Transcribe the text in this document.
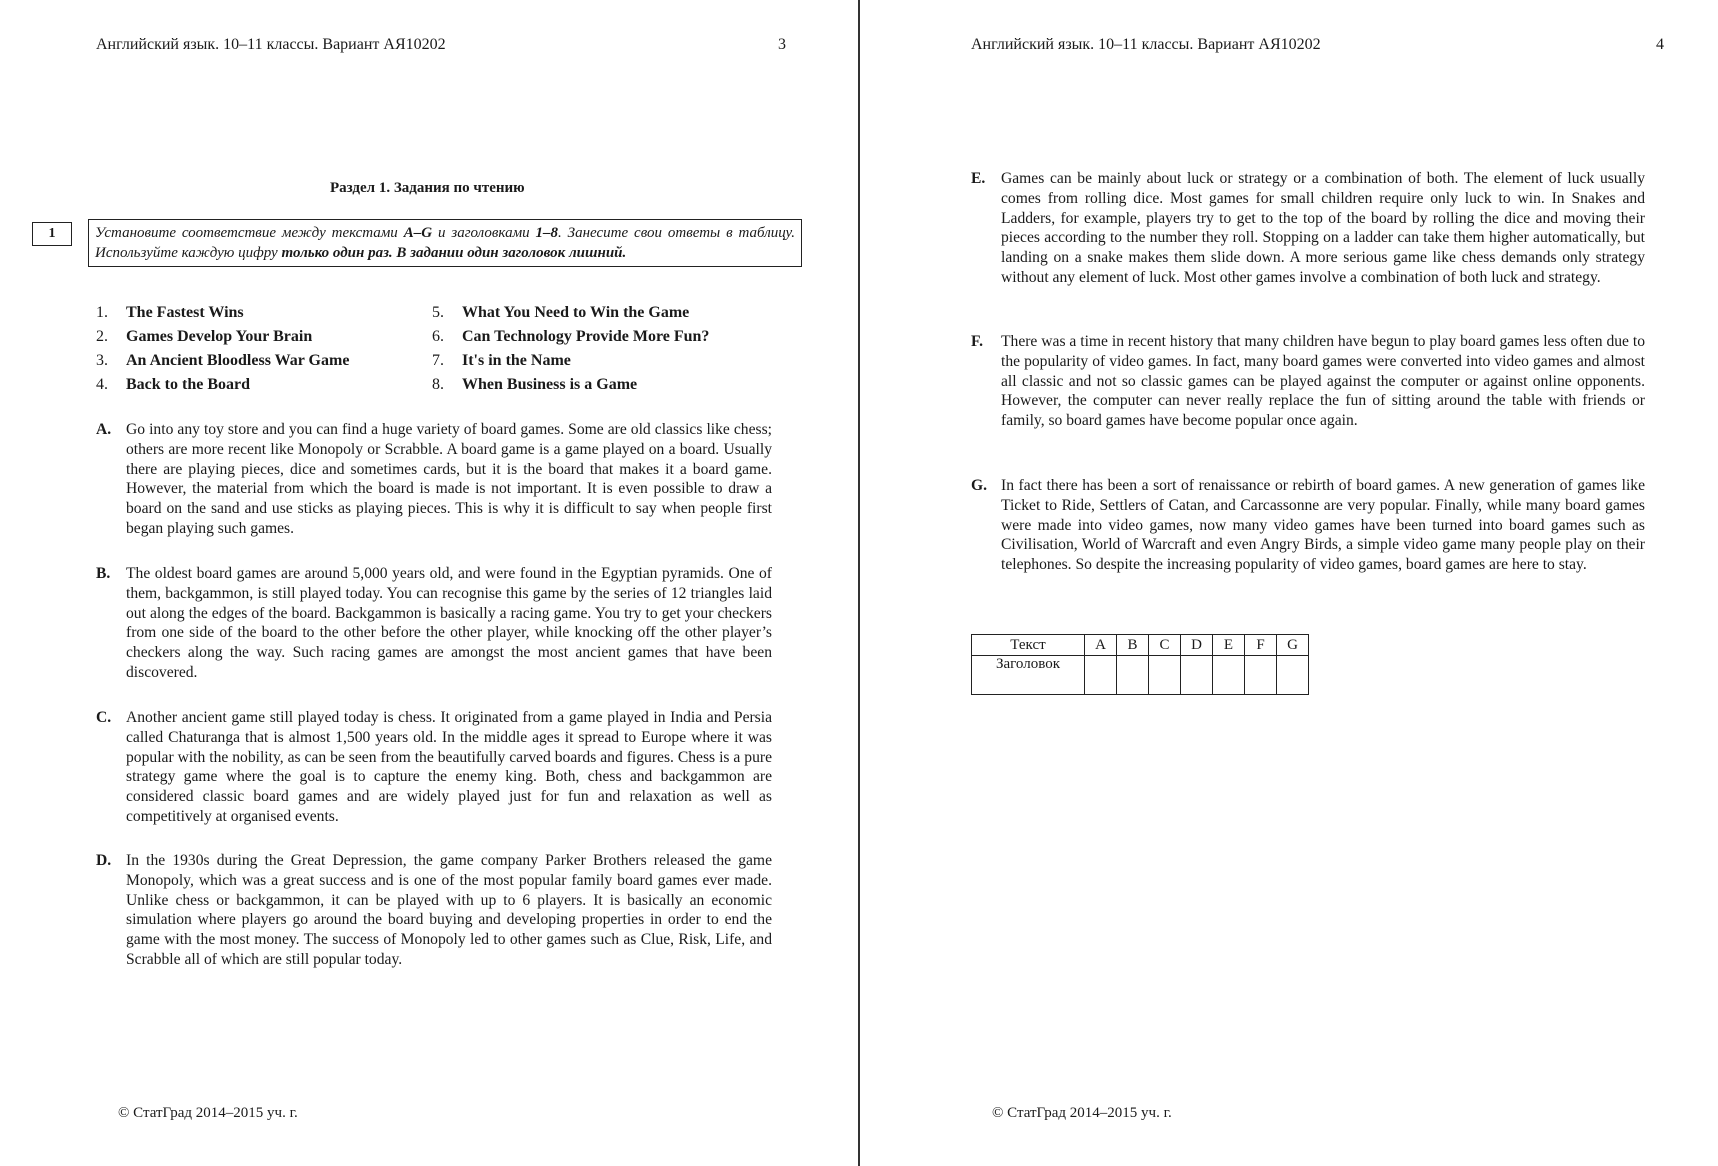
Английский язык. 10–11 классы. Вариант АЯ10202	3
Раздел 1. Задания по чтению
1	Установите соответствие между текстами A–G и заголовками 1–8. Занесите свои ответы в таблицу. Используйте каждую цифру только один раз. В задании один заголовок лишний.
1.	The Fastest Wins	5.	What You Need to Win the Game
2.	Games Develop Your Brain	6.	Can Technology Provide More Fun?
3.	An Ancient Bloodless War Game	7.	It's in the Name
4.	Back to the Board	8.	When Business is a Game
A. Go into any toy store and you can find a huge variety of board games. Some are old classics like chess; others are more recent like Monopoly or Scrabble. A board game is a game played on a board. Usually there are playing pieces, dice and sometimes cards, but it is the board that makes it a board game. However, the material from which the board is made is not important. It is even possible to draw a board on the sand and use sticks as playing pieces. This is why it is difficult to say when people first began playing such games.
B. The oldest board games are around 5,000 years old, and were found in the Egyptian pyramids. One of them, backgammon, is still played today. You can recognise this game by the series of 12 triangles laid out along the edges of the board. Backgammon is basically a racing game. You try to get your checkers from one side of the board to the other before the other player, while knocking off the other player’s checkers along the way. Such racing games are amongst the most ancient games that have been discovered.
C. Another ancient game still played today is chess. It originated from a game played in India and Persia called Chaturanga that is almost 1,500 years old. In the middle ages it spread to Europe where it was popular with the nobility, as can be seen from the beautifully carved boards and figures. Chess is a pure strategy game where the goal is to capture the enemy king. Both, chess and backgammon are considered classic board games and are widely played just for fun and relaxation as well as competitively at organised events.
D. In the 1930s during the Great Depression, the game company Parker Brothers released the game Monopoly, which was a great success and is one of the most popular family board games ever made. Unlike chess or backgammon, it can be played with up to 6 players. It is basically an economic simulation where players go around the board buying and developing properties in order to end the game with the most money. The success of Monopoly led to other games such as Clue, Risk, Life, and Scrabble all of which are still popular today.
© СтатГрад 2014–2015 уч. г.
Английский язык. 10–11 классы. Вариант АЯ10202	4
E. Games can be mainly about luck or strategy or a combination of both. The element of luck usually comes from rolling dice. Most games for small children require only luck to win. In Snakes and Ladders, for example, players try to get to the top of the board by rolling the dice and moving their pieces according to the number they roll. Stopping on a ladder can take them higher automatically, but landing on a snake makes them slide down. A more serious game like chess demands only strategy without any element of luck. Most other games involve a combination of both luck and strategy.
F. There was a time in recent history that many children have begun to play board games less often due to the popularity of video games. In fact, many board games were converted into video games and almost all classic and not so classic games can be played against the computer or against online opponents. However, the computer can never really replace the fun of sitting around the table with friends or family, so board games have become popular once again.
G. In fact there has been a sort of renaissance or rebirth of board games. A new generation of games like Ticket to Ride, Settlers of Catan, and Carcassonne are very popular. Finally, while many board games were made into video games, now many video games have been turned into board games such as Civilisation, World of Warcraft and even Angry Birds, a simple video game many people play on their telephones. So despite the increasing popularity of video games, board games are here to stay.
Текст	A	B	C	D	E	F	G
Заголовок							
© СтатГрад 2014–2015 уч. г.
